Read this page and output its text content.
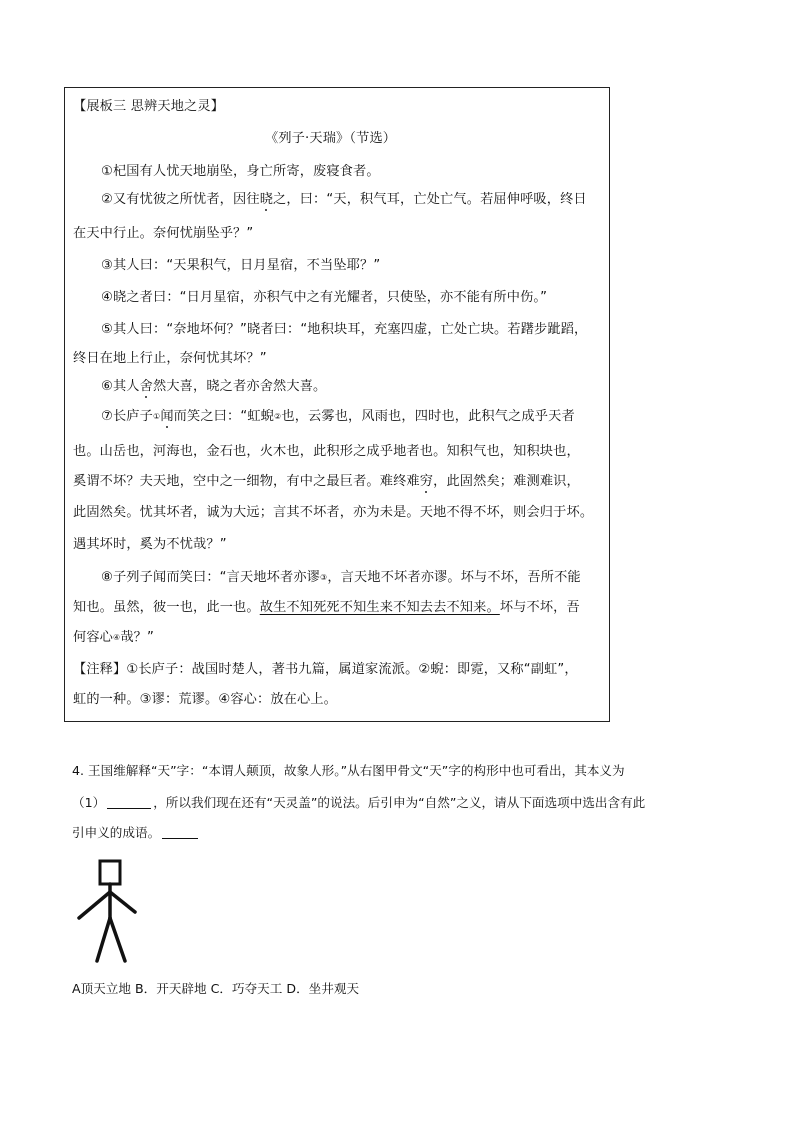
【展板三 思辨天地之灵】
《列子·天瑞》（节选）
①杞国有人忧天地崩坠，身亡所寄，废寝食者。
②又有忧彼之所忧者，因往晓之，曰：“天，积气耳，亡处亡气。若屈伸呼吸，终日
在天中行止。奈何忧崩坠乎？”
③其人曰：“天果积气，日月星宿，不当坠耶？”
④晓之者曰：“日月星宿，亦积气中之有光耀者，只使坠，亦不能有所中伤。”
⑤其人曰：“奈地坏何？”晓者曰：“地积块耳，充塞四虚，亡处亡块。若躇步跐蹈，
终日在地上行止，奈何忧其坏？”
⑥其人舍然大喜，晓之者亦舍然大喜。
⑦长庐子①闻而笑之曰：“虹蜺②也，云雾也，风雨也，四时也，此积气之成乎天者
也。山岳也，河海也，金石也，火木也，此积形之成乎地者也。知积气也，知积块也，
奚谓不坏？夫天地，空中之一细物，有中之最巨者。难终难穷，此固然矣；难测难识，
此固然矣。忧其坏者，诚为大远；言其不坏者，亦为未是。天地不得不坏，则会归于坏。
遇其坏时，奚为不忧哉？”
⑧子列子闻而笑曰：“言天地坏者亦谬③，言天地不坏者亦谬。坏与不坏，吾所不能
知也。虽然，彼一也，此一也。故生不知死死不知生来不知去去不知来。坏与不坏，吾
何容心④哉？”
【注释】①长庐子：战国时楚人，著书九篇，属道家流派。②蜺：即霓，又称“副虹”，
虹的一种。③谬：荒谬。④容心：放在心上。
4. 王国维解释“天”字：“本谓人颠顶，故象人形。”从右图甲骨文“天”字的构形中也可看出，其本义为
（1）	，所以我们现在还有“天灵盖”的说法。后引申为“自然”之义，请从下面选项中选出含有此
引申义的成语。
A顶天立地 B．开天辟地 C．巧夺天工 D．坐井观天
